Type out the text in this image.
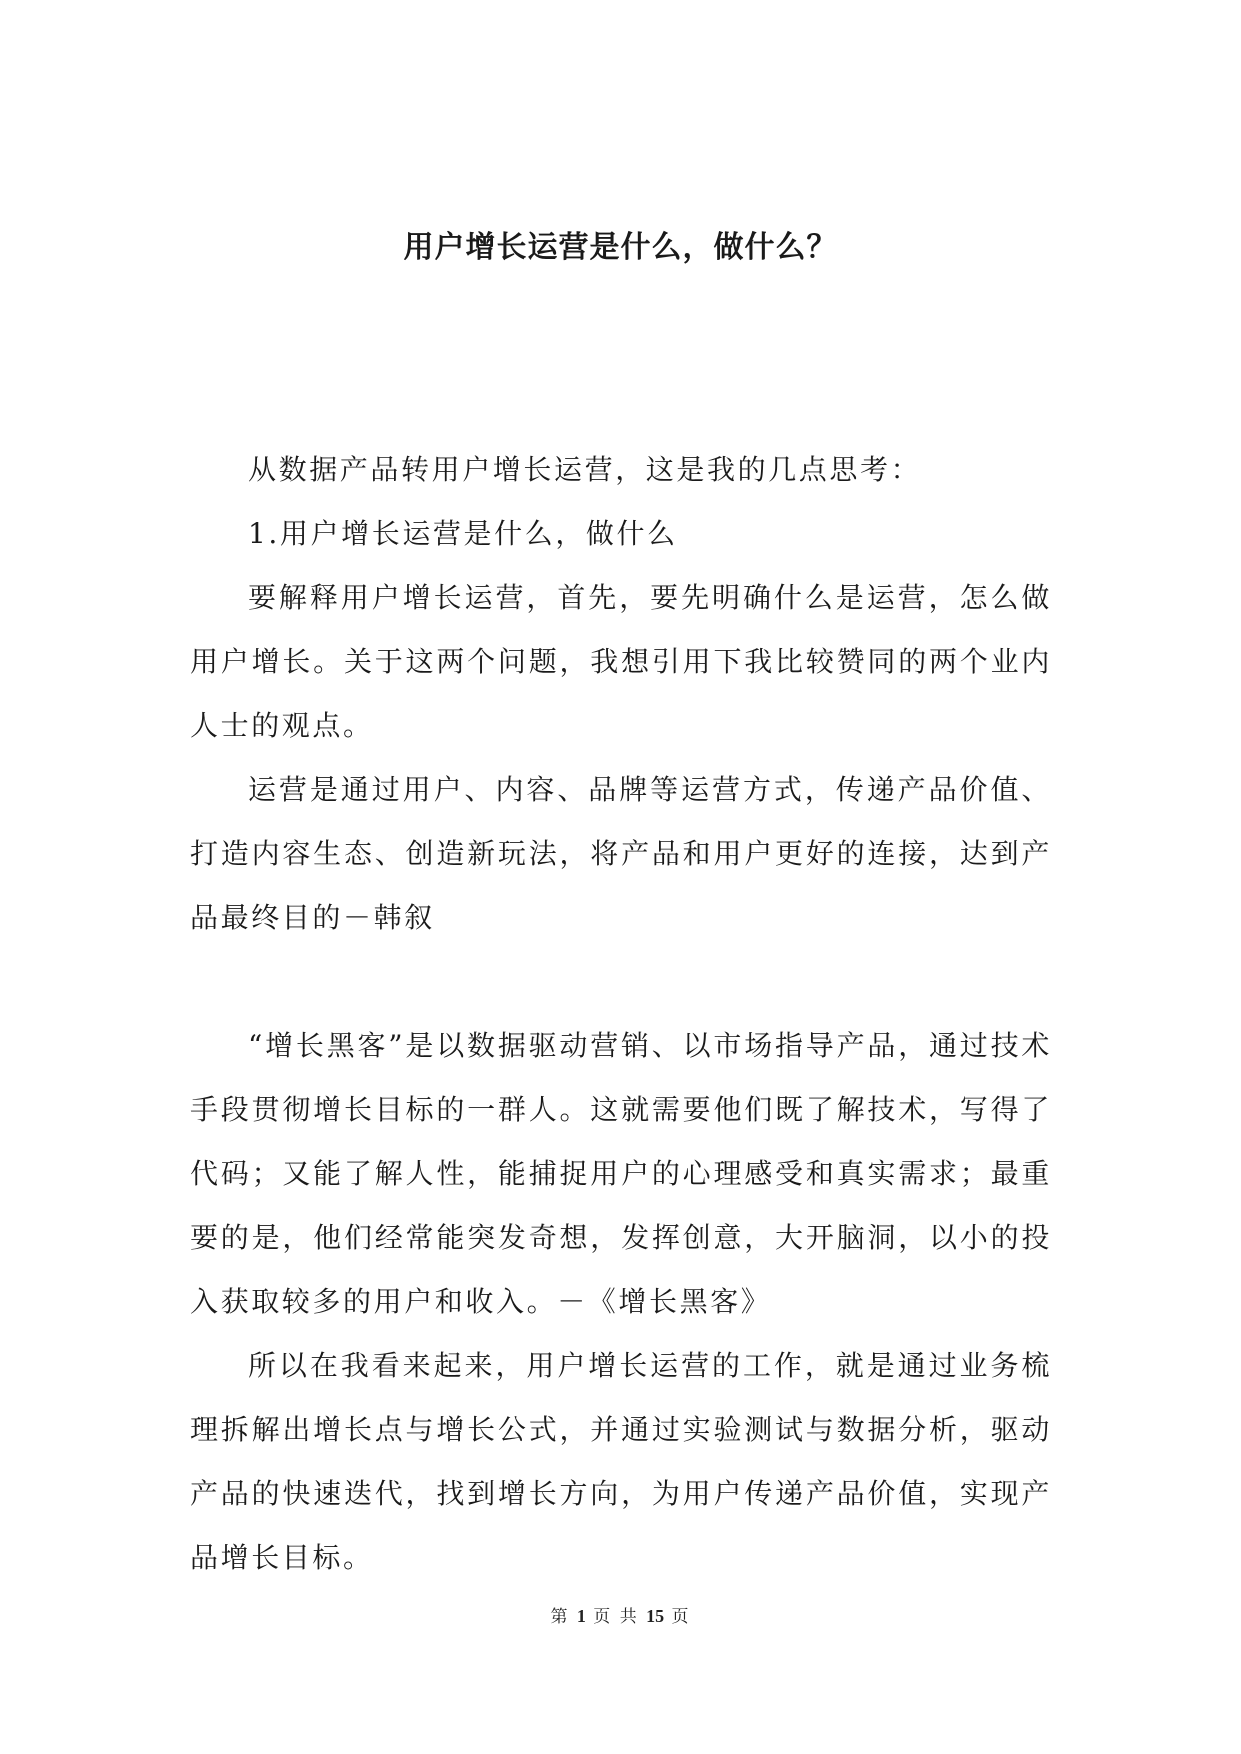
用户增长运营是什么，做什么？

从数据产品转用户增长运营，这是我的几点思考：

1.用户增长运营是什么，做什么

要解释用户增长运营，首先，要先明确什么是运营，怎么做用户增长。关于这两个问题，我想引用下我比较赞同的两个业内人士的观点。

运营是通过用户、内容、品牌等运营方式，传递产品价值、打造内容生态、创造新玩法，将产品和用户更好的连接，达到产品最终目的－韩叙

“增长黑客”是以数据驱动营销、以市场指导产品，通过技术手段贯彻增长目标的一群人。这就需要他们既了解技术，写得了代码；又能了解人性，能捕捉用户的心理感受和真实需求；最重要的是，他们经常能突发奇想，发挥创意，大开脑洞，以小的投入获取较多的用户和收入。－《增长黑客》

所以在我看来起来，用户增长运营的工作，就是通过业务梳理拆解出增长点与增长公式，并通过实验测试与数据分析，驱动产品的快速迭代，找到增长方向，为用户传递产品价值，实现产品增长目标。

第 1 页 共 15 页
